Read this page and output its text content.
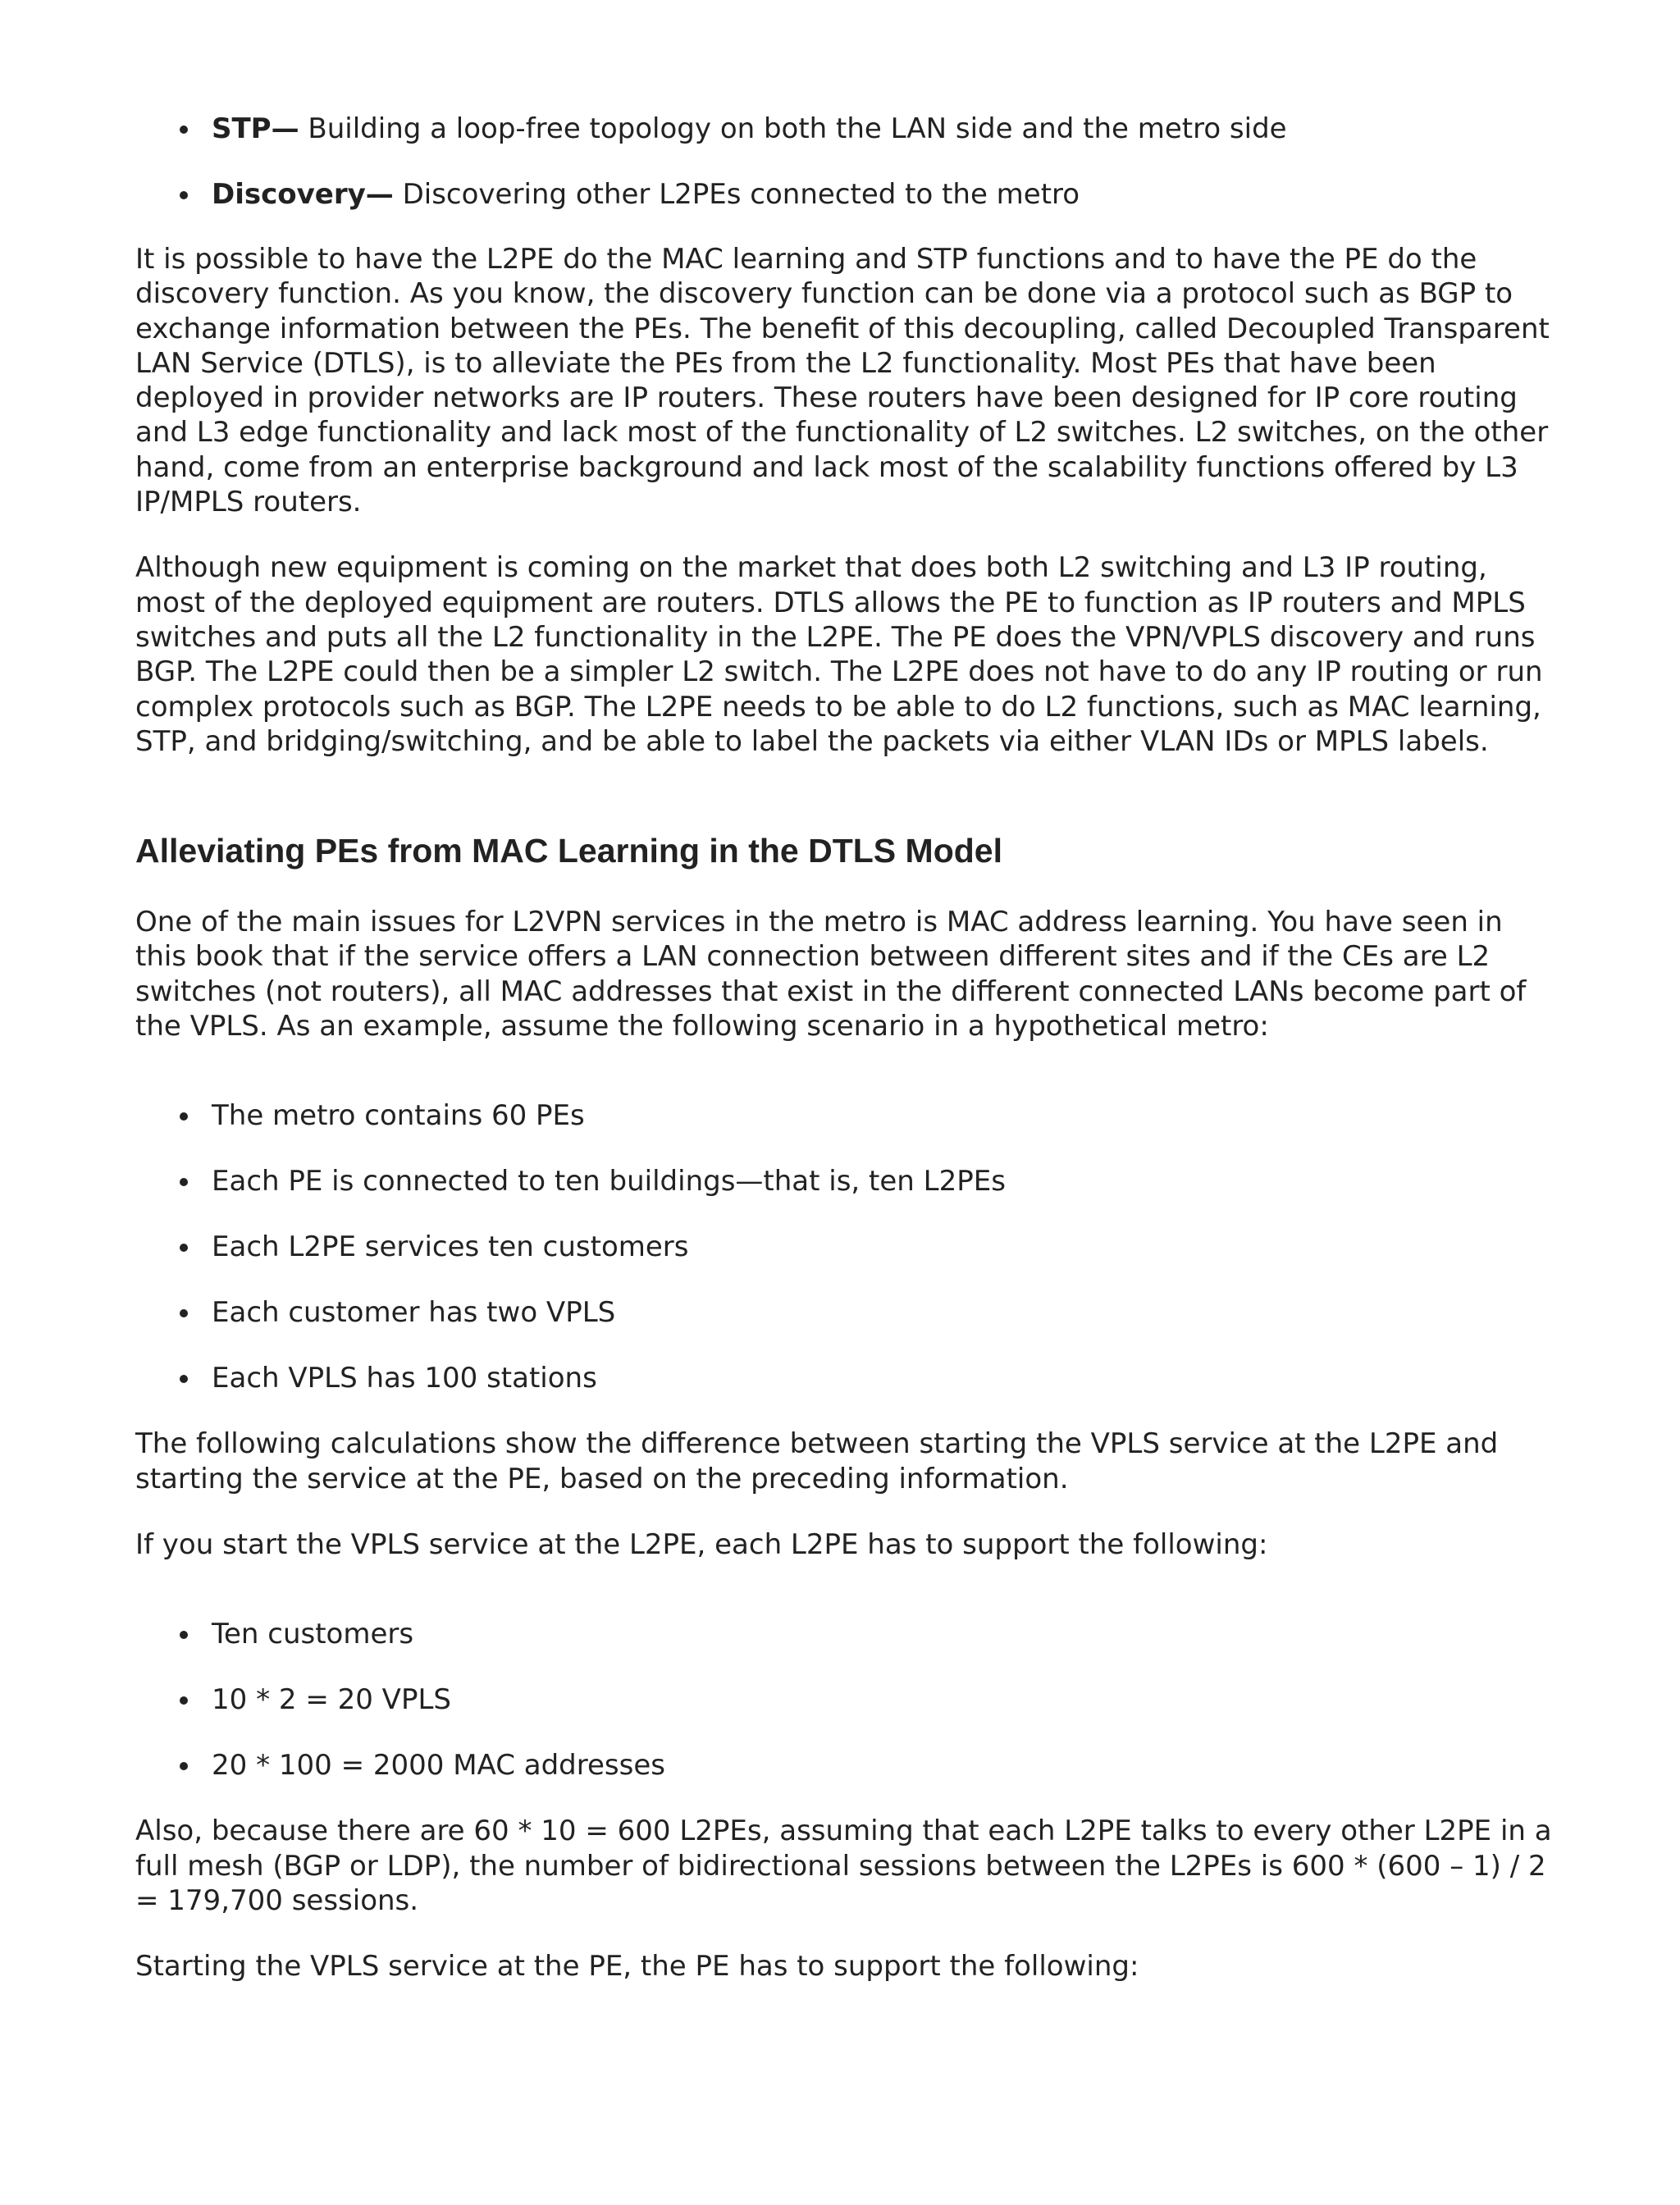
STP— Building a loop-free topology on both the LAN side and the metro side
Discovery— Discovering other L2PEs connected to the metro

It is possible to have the L2PE do the MAC learning and STP functions and to have the PE do the discovery function. As you know, the discovery function can be done via a protocol such as BGP to exchange information between the PEs. The benefit of this decoupling, called Decoupled Transparent LAN Service (DTLS), is to alleviate the PEs from the L2 functionality. Most PEs that have been deployed in provider networks are IP routers. These routers have been designed for IP core routing and L3 edge functionality and lack most of the functionality of L2 switches. L2 switches, on the other hand, come from an enterprise background and lack most of the scalability functions offered by L3 IP/MPLS routers.

Although new equipment is coming on the market that does both L2 switching and L3 IP routing, most of the deployed equipment are routers. DTLS allows the PE to function as IP routers and MPLS switches and puts all the L2 functionality in the L2PE. The PE does the VPN/VPLS discovery and runs BGP. The L2PE could then be a simpler L2 switch. The L2PE does not have to do any IP routing or run complex protocols such as BGP. The L2PE needs to be able to do L2 functions, such as MAC learning, STP, and bridging/switching, and be able to label the packets via either VLAN IDs or MPLS labels.

Alleviating PEs from MAC Learning in the DTLS Model

One of the main issues for L2VPN services in the metro is MAC address learning. You have seen in this book that if the service offers a LAN connection between different sites and if the CEs are L2 switches (not routers), all MAC addresses that exist in the different connected LANs become part of the VPLS. As an example, assume the following scenario in a hypothetical metro:

The metro contains 60 PEs
Each PE is connected to ten buildings—that is, ten L2PEs
Each L2PE services ten customers
Each customer has two VPLS
Each VPLS has 100 stations

The following calculations show the difference between starting the VPLS service at the L2PE and starting the service at the PE, based on the preceding information.

If you start the VPLS service at the L2PE, each L2PE has to support the following:

Ten customers
10 * 2 = 20 VPLS
20 * 100 = 2000 MAC addresses

Also, because there are 60 * 10 = 600 L2PEs, assuming that each L2PE talks to every other L2PE in a full mesh (BGP or LDP), the number of bidirectional sessions between the L2PEs is 600 * (600 – 1) / 2 = 179,700 sessions.

Starting the VPLS service at the PE, the PE has to support the following:
